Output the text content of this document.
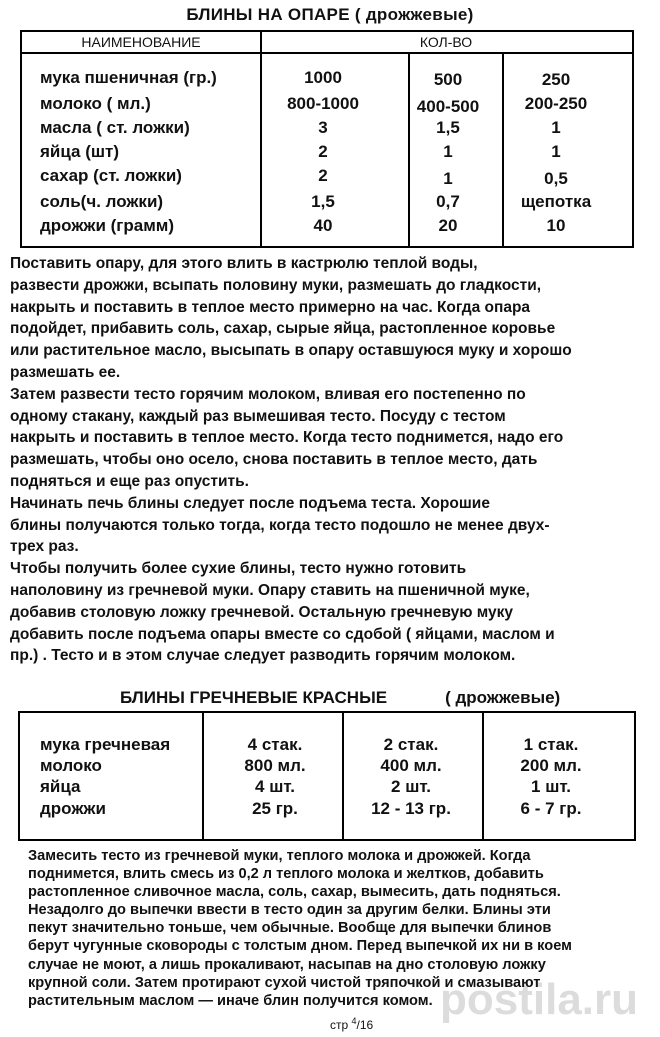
БЛИНЫ НА ОПАРЕ ( дрожжевые)
НАИМЕНОВАНИЕ	КОЛ-ВО
мука пшеничная (гр.)	1000	500	250
молоко ( мл.)	800-1000	400-500	200-250
масла ( ст. ложки)	3	1,5	1
яйца (шт)	2	1	1
сахар (ст. ложки)	2	1	0,5
соль(ч. ложки)	1,5	0,7	щепотка
дрожжи (грамм)	40	20	10
Поставить опару, для этого влить в кастрюлю теплой воды,
развести дрожжи, всыпать половину муки, размешать до гладкости,
накрыть и поставить в теплое место примерно на час. Когда опара
подойдет, прибавить соль, сахар, сырые яйца, растопленное коровье
или растительное масло, высыпать в опару оставшуюся муку и хорошо
размешать ее.
Затем развести тесто горячим молоком, вливая его постепенно по
одному стакану, каждый раз вымешивая тесто. Посуду с тестом
накрыть и поставить в теплое место. Когда тесто поднимется, надо его
размешать, чтобы оно осело, снова поставить в теплое место, дать
подняться и еще раз опустить.
Начинать печь блины следует после подъема теста. Хорошие
блины получаются только тогда, когда тесто подошло не менее двух-
трех раз.
Чтобы получить более сухие блины, тесто нужно готовить
наполовину из гречневой муки. Опару ставить на пшеничной муке,
добавив столовую ложку гречневой. Остальную гречневую муку
добавить после подъема опары вместе со сдобой ( яйцами, маслом и
пр.) . Тесто и в этом случае следует разводить горячим молоком.
БЛИНЫ ГРЕЧНЕВЫЕ КРАСНЫЕ	( дрожжевые)
мука гречневая	4 стак.	2 стак.	1 стак.
молоко	800 мл.	400 мл.	200 мл.
яйца	4 шт.	2 шт.	1 шт.
дрожжи	25 гр.	12 - 13 гр.	6 - 7 гр.
Замесить тесто из гречневой муки, теплого молока и дрожжей. Когда
поднимется, влить смесь из 0,2 л теплого молока и желтков, добавить
растопленное сливочное масла, соль, сахар, вымесить, дать подняться.
Незадолго до выпечки ввести в тесто один за другим белки. Блины эти
пекут значительно тоньше, чем обычные. Вообще для выпечки блинов
берут чугунные сковороды с толстым дном. Перед выпечкой их ни в коем
случае не моют, а лишь прокаливают, насыпав на дно столовую ложку
крупной соли. Затем протирают сухой чистой тряпочкой и смазывают
растительным маслом — иначе блин получится комом. postila.ru
стр $^4$/16
